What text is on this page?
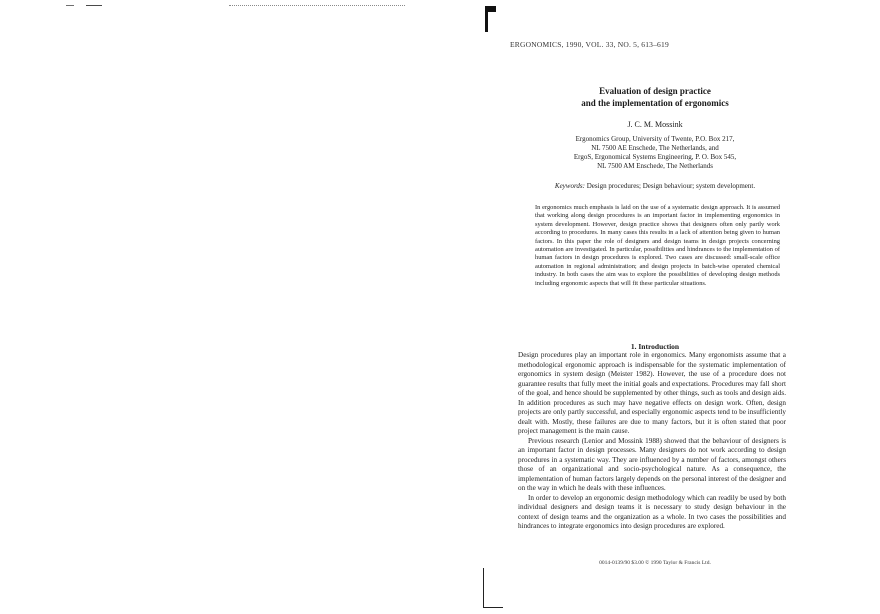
ERGONOMICS, 1990, VOL. 33, NO. 5, 613–619
Evaluation of design practice
and the implementation of ergonomics
J. C. M. Mossink
Ergonomics Group, University of Twente, P.O. Box 217,
NL 7500 AE Enschede, The Netherlands, and
ErgoS, Ergonomical Systems Engineering, P. O. Box 545,
NL 7500 AM Enschede, The Netherlands
Keywords: Design procedures; Design behaviour; system development.

In ergonomics much emphasis is laid on the use of a systematic design approach. It is assumed that working along design procedures is an important factor in implementing ergonomics in system development. However, design practice shows that designers often only partly work according to procedures. In many cases this results in a lack of attention being given to human factors. In this paper the role of designers and design teams in design projects concerning automation are investigated. In particular, possibilities and hindrances to the implementation of human factors in design procedures is explored. Two cases are discussed: small-scale office automation in regional administration; and design projects in batch-wise operated chemical industry. In both cases the aim was to explore the possibilities of developing design methods including ergonomic aspects that will fit these particular situations.

1. Introduction

Design procedures play an important role in ergonomics. Many ergonomists assume that a methodological ergonomic approach is indispensable for the systematic implementation of ergonomics in system design (Meister 1982). However, the use of a procedure does not guarantee results that fully meet the initial goals and expectations. Procedures may fall short of the goal, and hence should be supplemented by other things, such as tools and design aids. In addition procedures as such may have negative effects on design work. Often, design projects are only partly successful, and especially ergonomic aspects tend to be insufficiently dealt with. Mostly, these failures are due to many factors, but it is often stated that poor project management is the main cause.

Previous research (Lenior and Mossink 1988) showed that the behaviour of designers is an important factor in design processes. Many designers do not work according to design procedures in a systematic way. They are influenced by a number of factors, amongst others those of an organizational and socio-psychological nature. As a consequence, the implementation of human factors largely depends on the personal interest of the designer and on the way in which he deals with these influences.

In order to develop an ergonomic design methodology which can readily be used by both individual designers and design teams it is necessary to study design behaviour in the context of design teams and the organization as a whole. In two cases the possibilities and hindrances to integrate ergonomics into design procedures are explored.

0014-0139/90 $3.00 © 1990 Taylor & Francis Ltd.
